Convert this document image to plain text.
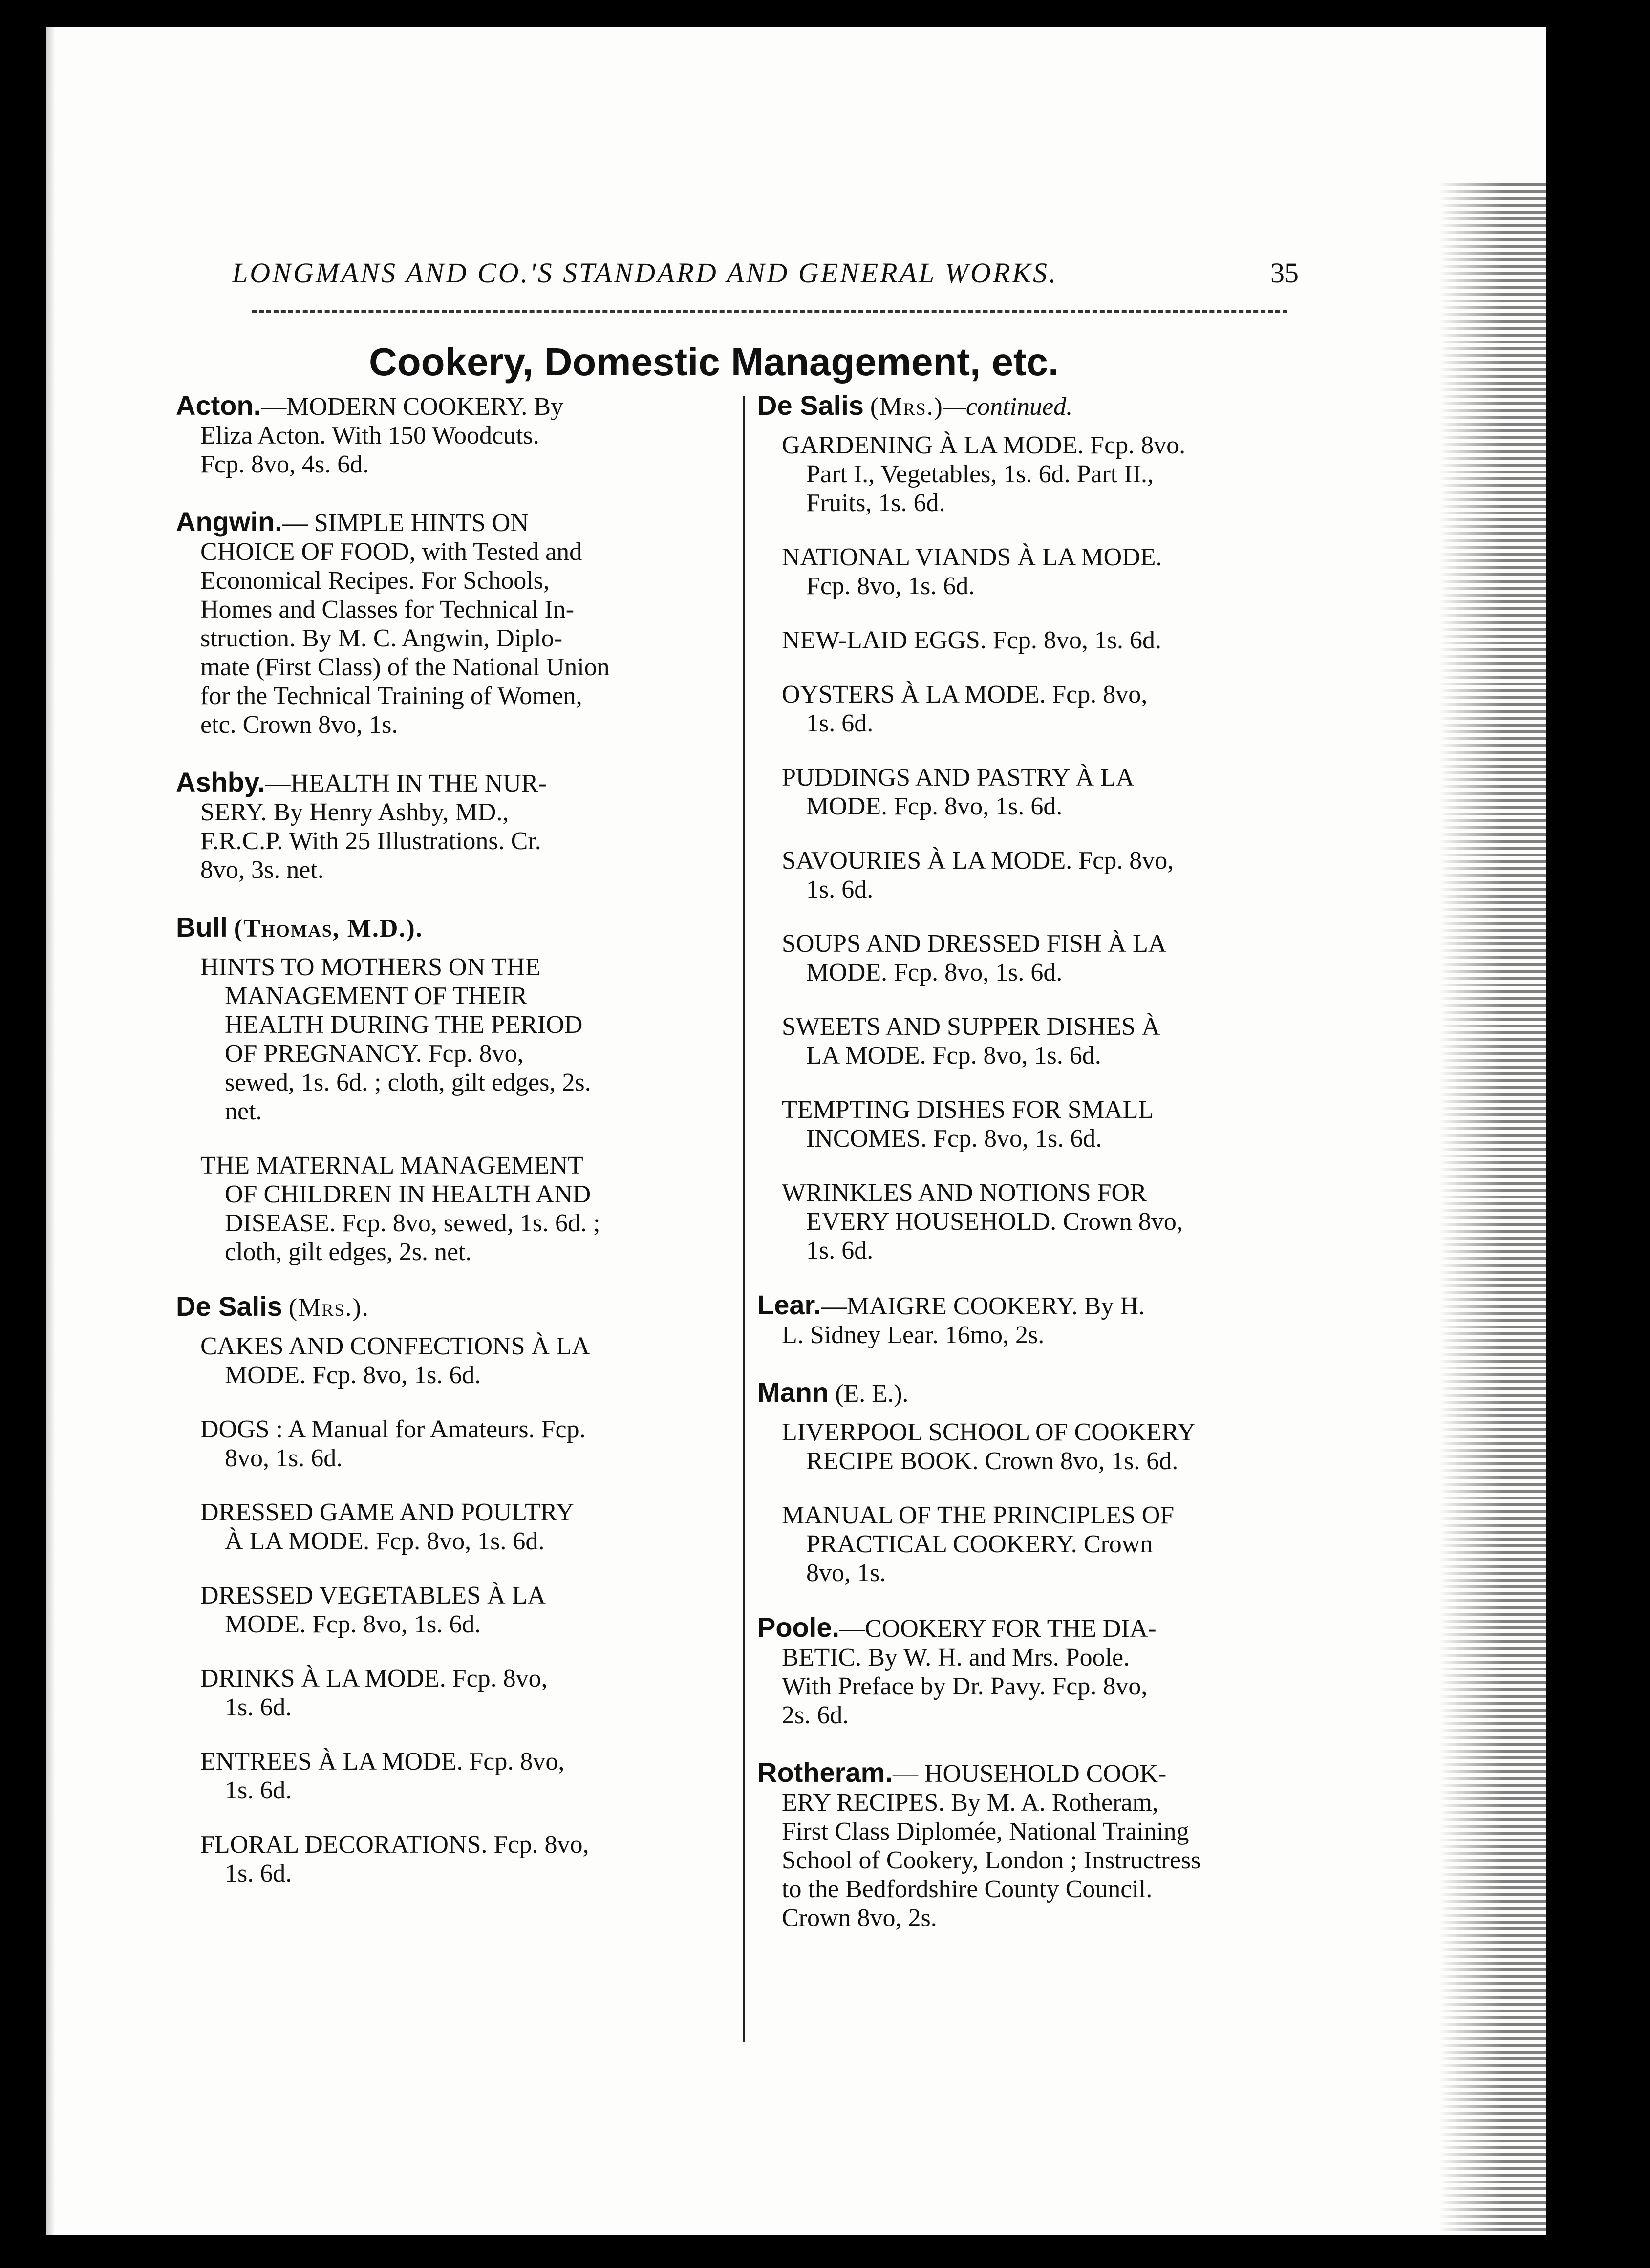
LONGMANS AND CO.'S STANDARD AND GENERAL WORKS.	35
Cookery, Domestic Management, etc.
Acton.—MODERN COOKERY. By
Eliza Acton. With 150 Woodcuts.
Fcp. 8vo, 4s. 6d.
Angwin.— SIMPLE HINTS ON
CHOICE OF FOOD, with Tested and
Economical Recipes. For Schools,
Homes and Classes for Technical In-
struction. By M. C. Angwin, Diplo-
mate (First Class) of the National Union
for the Technical Training of Women,
etc. Crown 8vo, 1s.
Ashby.—HEALTH IN THE NUR-
SERY. By Henry Ashby, MD.,
F.R.C.P. With 25 Illustrations. Cr.
8vo, 3s. net.
Bull (Thomas, M.D.).
HINTS TO MOTHERS ON THE
MANAGEMENT OF THEIR
HEALTH DURING THE PERIOD
OF PREGNANCY. Fcp. 8vo,
sewed, 1s. 6d. ; cloth, gilt edges, 2s.
net.
THE MATERNAL MANAGEMENT
OF CHILDREN IN HEALTH AND
DISEASE. Fcp. 8vo, sewed, 1s. 6d. ;
cloth, gilt edges, 2s. net.
De Salis (Mrs.).
CAKES AND CONFECTIONS À LA
MODE. Fcp. 8vo, 1s. 6d.
DOGS : A Manual for Amateurs. Fcp.
8vo, 1s. 6d.
DRESSED GAME AND POULTRY
À LA MODE. Fcp. 8vo, 1s. 6d.
DRESSED VEGETABLES À LA
MODE. Fcp. 8vo, 1s. 6d.
DRINKS À LA MODE. Fcp. 8vo,
1s. 6d.
ENTREES À LA MODE. Fcp. 8vo,
1s. 6d.
FLORAL DECORATIONS. Fcp. 8vo,
1s. 6d.
De Salis (Mrs.)—continued.
GARDENING À LA MODE. Fcp. 8vo.
Part I., Vegetables, 1s. 6d. Part II.,
Fruits, 1s. 6d.
NATIONAL VIANDS À LA MODE.
Fcp. 8vo, 1s. 6d.
NEW-LAID EGGS. Fcp. 8vo, 1s. 6d.
OYSTERS À LA MODE. Fcp. 8vo,
1s. 6d.
PUDDINGS AND PASTRY À LA
MODE. Fcp. 8vo, 1s. 6d.
SAVOURIES À LA MODE. Fcp. 8vo,
1s. 6d.
SOUPS AND DRESSED FISH À LA
MODE. Fcp. 8vo, 1s. 6d.
SWEETS AND SUPPER DISHES À
LA MODE. Fcp. 8vo, 1s. 6d.
TEMPTING DISHES FOR SMALL
INCOMES. Fcp. 8vo, 1s. 6d.
WRINKLES AND NOTIONS FOR
EVERY HOUSEHOLD. Crown 8vo,
1s. 6d.
Lear.—MAIGRE COOKERY. By H.
L. Sidney Lear. 16mo, 2s.
Mann (E. E.).
LIVERPOOL SCHOOL OF COOKERY
RECIPE BOOK. Crown 8vo, 1s. 6d.
MANUAL OF THE PRINCIPLES OF
PRACTICAL COOKERY. Crown
8vo, 1s.
Poole.—COOKERY FOR THE DIA-
BETIC. By W. H. and Mrs. Poole.
With Preface by Dr. Pavy. Fcp. 8vo,
2s. 6d.
Rotheram.— HOUSEHOLD COOK-
ERY RECIPES. By M. A. Rotheram,
First Class Diplomée, National Training
School of Cookery, London ; Instructress
to the Bedfordshire County Council.
Crown 8vo, 2s.
